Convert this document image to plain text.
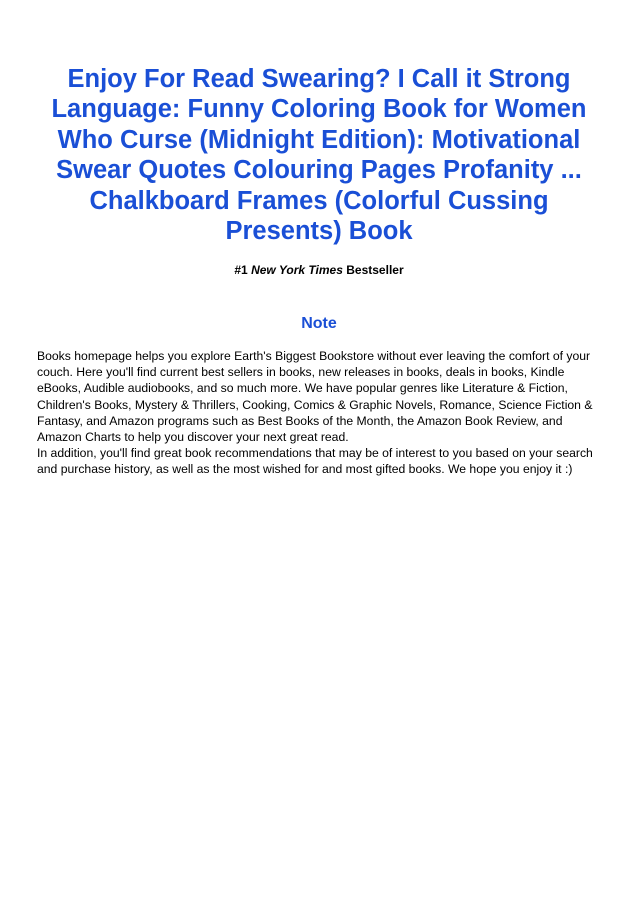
Enjoy For Read Swearing? I Call it Strong Language: Funny Coloring Book for Women Who Curse (Midnight Edition): Motivational Swear Quotes Colouring Pages Profanity ... Chalkboard Frames (Colorful Cussing Presents) Book
#1 New York Times Bestseller
Note

Books homepage helps you explore Earth's Biggest Bookstore without ever leaving the comfort of your couch. Here you'll find current best sellers in books, new releases in books, deals in books, Kindle eBooks, Audible audiobooks, and so much more. We have popular genres like Literature & Fiction, Children's Books, Mystery & Thrillers, Cooking, Comics & Graphic Novels, Romance, Science Fiction & Fantasy, and Amazon programs such as Best Books of the Month, the Amazon Book Review, and Amazon Charts to help you discover your next great read.

In addition, you'll find great book recommendations that may be of interest to you based on your search and purchase history, as well as the most wished for and most gifted books. We hope you enjoy it :)
